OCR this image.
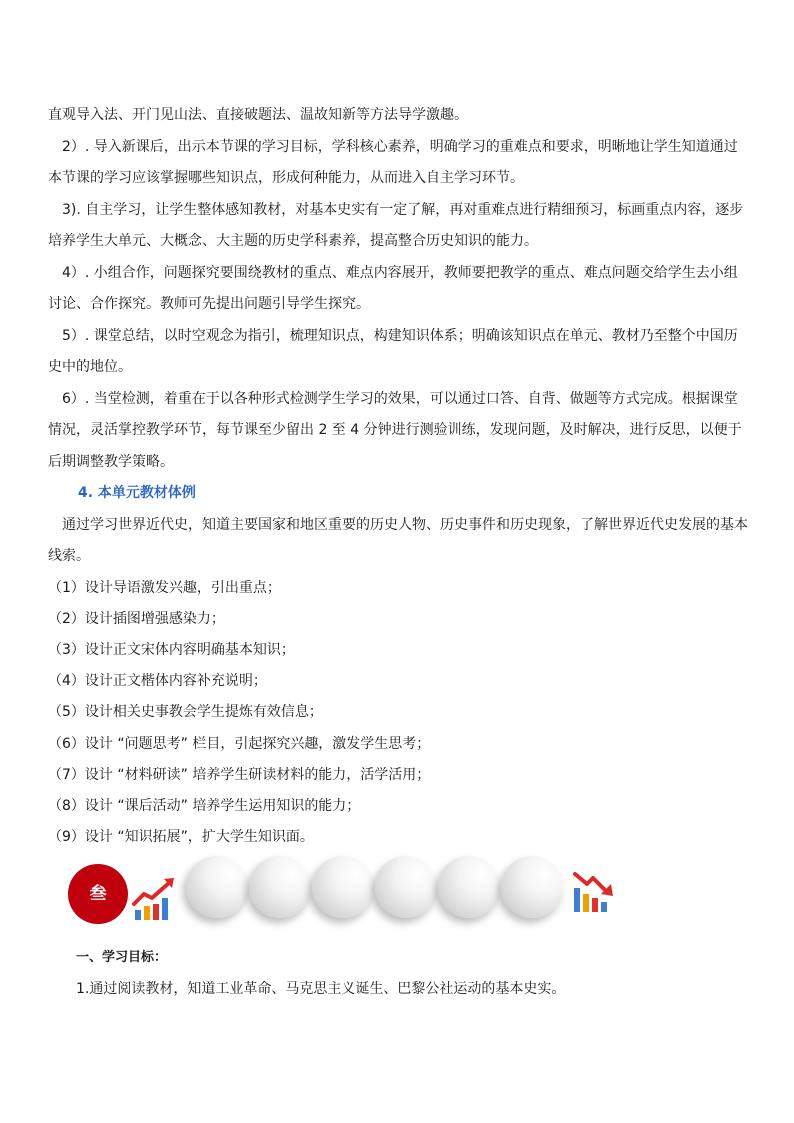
直观导入法、开门见山法、直接破题法、温故知新等方法导学激趣。

2）. 导入新课后，出示本节课的学习目标，学科核心素养，明确学习的重难点和要求，明晰地让学生知道通过本节课的学习应该掌握哪些知识点，形成何种能力，从而进入自主学习环节。

3). 自主学习，让学生整体感知教材，对基本史实有一定了解，再对重难点进行精细预习，标画重点内容，逐步培养学生大单元、大概念、大主题的历史学科素养，提高整合历史知识的能力。

4）. 小组合作，问题探究要围绕教材的重点、难点内容展开，教师要把教学的重点、难点问题交给学生去小组讨论、合作探究。教师可先提出问题引导学生探究。

5）. 课堂总结，以时空观念为指引，梳理知识点，构建知识体系；明确该知识点在单元、教材乃至整个中国历史中的地位。

6）. 当堂检测，着重在于以各种形式检测学生学习的效果，可以通过口答、自背、做题等方式完成。根据课堂情况，灵活掌控教学环节，每节课至少留出 2 至 4 分钟进行测验训练，发现问题，及时解决，进行反思，以便于后期调整教学策略。

4. 本单元教材体例

通过学习世界近代史，知道主要国家和地区重要的历史人物、历史事件和历史现象，了解世界近代史发展的基本线索。

（1）设计导语激发兴趣，引出重点；

（2）设计插图增强感染力；

（3）设计正文宋体内容明确基本知识；

（4）设计正文楷体内容补充说明；

（5）设计相关史事教会学生提炼有效信息；

（6）设计 “问题思考” 栏目，引起探究兴趣，激发学生思考；

（7）设计 “材料研读” 培养学生研读材料的能力，活学活用；

（8）设计 “课后活动” 培养学生运用知识的能力；

（9）设计 “知识拓展”，扩大学生知识面。

叁
一、学习目标：
1.通过阅读教材，知道工业革命、马克思主义诞生、巴黎公社运动的基本史实。
